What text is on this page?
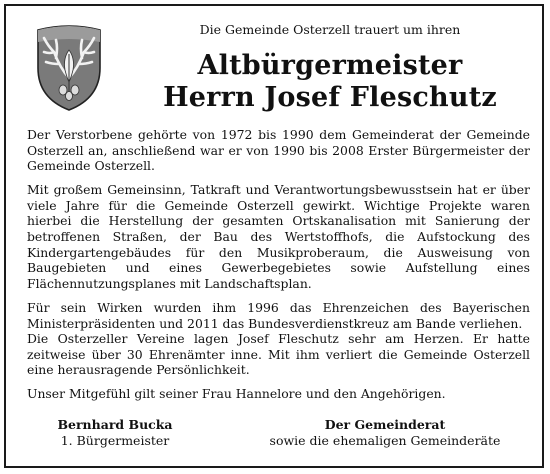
Die Gemeinde Osterzell trauert um ihren
Altbürgermeister
Herrn Josef Fleschutz

Der Verstorbene gehörte von 1972 bis 1990 dem Gemeinderat der Gemeinde Osterzell an, anschließend war er von 1990 bis 2008 Erster Bürgermeister der Gemeinde Osterzell.

Mit großem Gemeinsinn, Tatkraft und Verantwortungsbewusstsein hat er über viele Jahre für die Gemeinde Osterzell gewirkt. Wichtige Projekte waren hierbei die Herstellung der gesamten Ortskanalisation mit Sanierung der betroffenen Straßen, der Bau des Wertstoffhofs, die Aufstockung des Kindergartengebäudes für den Musikproberaum, die Ausweisung von Baugebieten und eines Gewerbegebietes sowie Aufstellung eines Flächennutzungsplanes mit Landschaftsplan.

Für sein Wirken wurden ihm 1996 das Ehrenzeichen des Bayerischen Ministerpräsidenten und 2011 das Bundesverdienstkreuz am Bande verliehen.

Die Osterzeller Vereine lagen Josef Fleschutz sehr am Herzen. Er hatte zeitweise über 30 Ehrenämter inne. Mit ihm verliert die Gemeinde Osterzell eine herausragende Persönlichkeit.

Unser Mitgefühl gilt seiner Frau Hannelore und den Angehörigen.

Bernhard Bucka
1. Bürgermeister
Der Gemeinderat
sowie die ehemaligen Gemeinderäte
